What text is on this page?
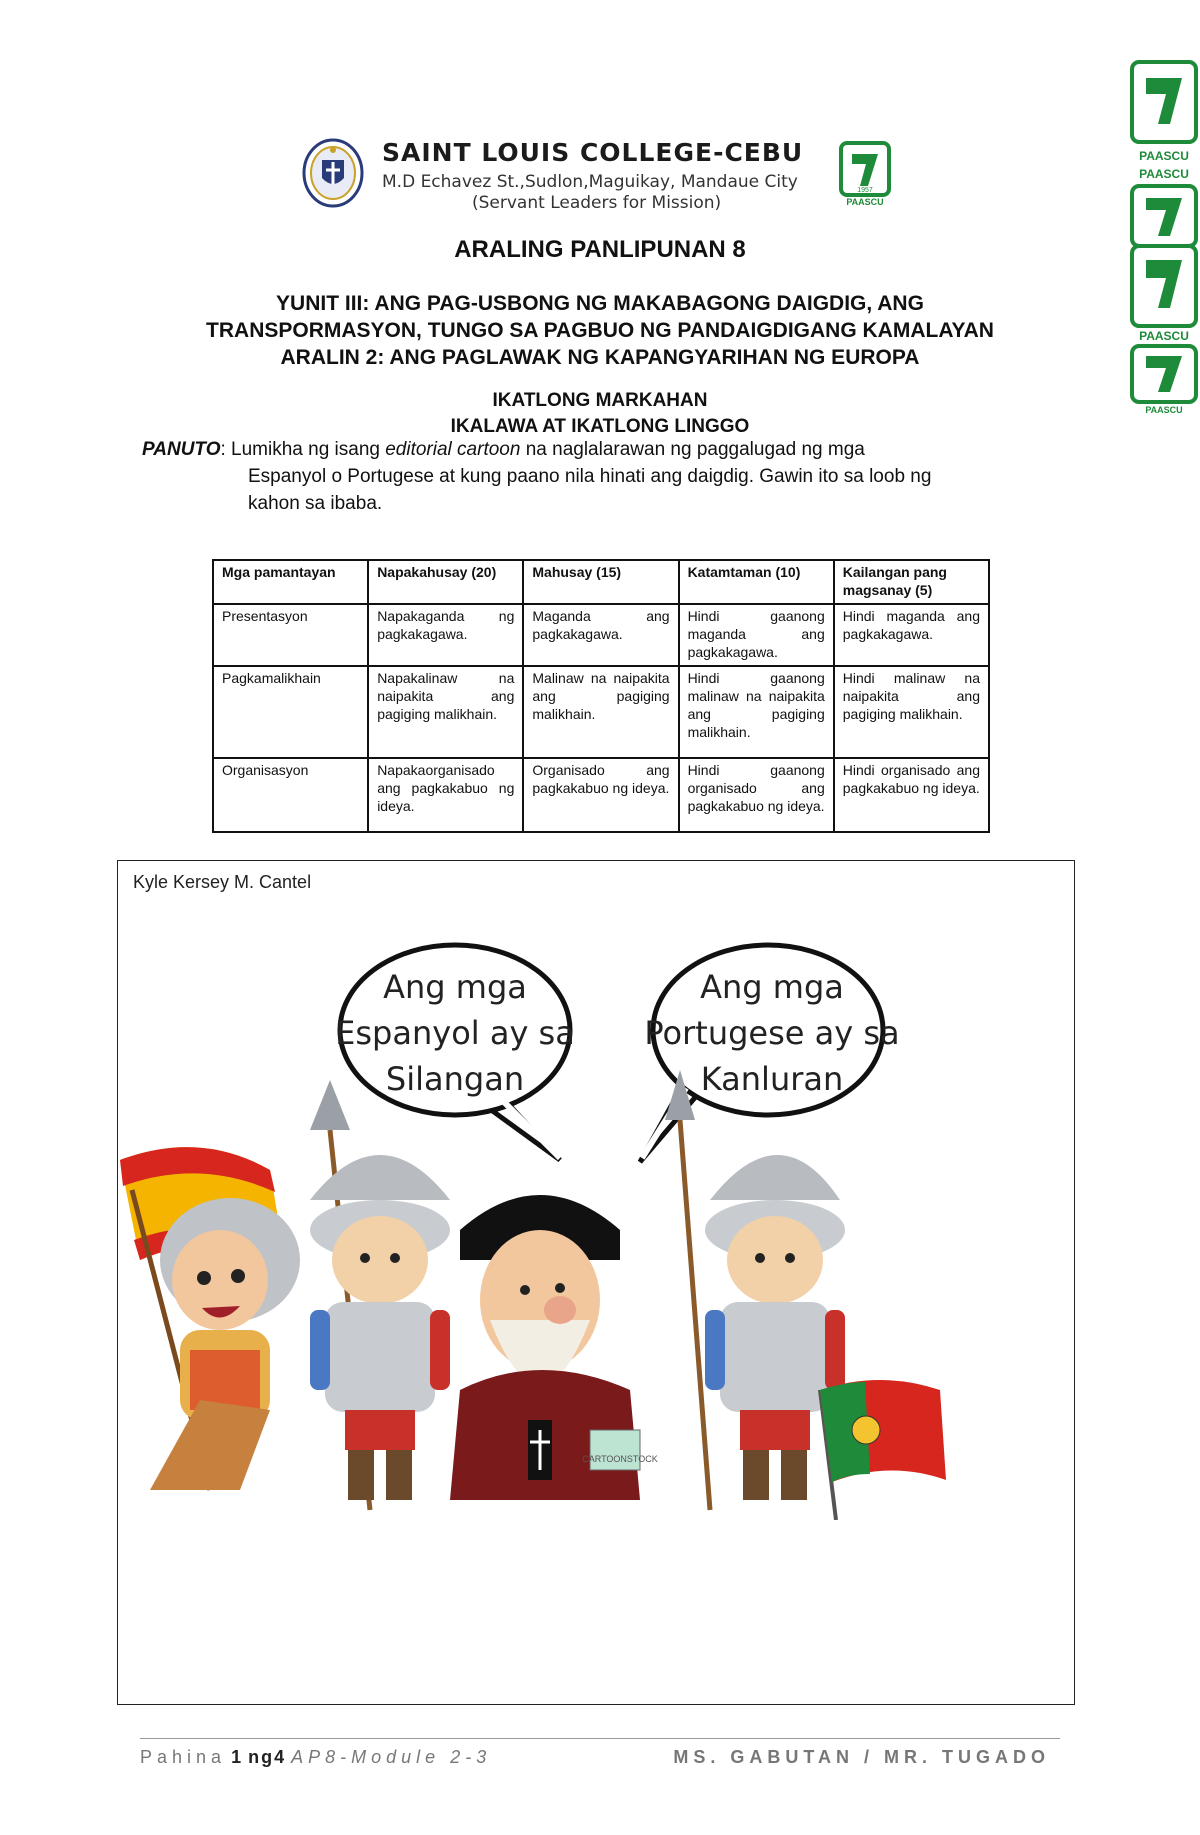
SAINT LOUIS COLLEGE-CEBU
M.D Echavez St.,Sudlon,Maguikay, Mandaue City
(Servant Leaders for Mission)
1957
PAASCU
PAASCU
PAASCU
PAASCU
PAASCU
ARALING PANLIPUNAN 8
YUNIT III: ANG PAG-USBONG NG MAKABAGONG DAIGDIG, ANG
TRANSPORMASYON, TUNGO SA PAGBUO NG PANDAIGDIGANG KAMALAYAN
ARALIN 2: ANG PAGLAWAK NG KAPANGYARIHAN NG EUROPA
IKATLONG MARKAHAN
IKALAWA AT IKATLONG LINGGO
PANUTO: Lumikha ng isang editorial cartoon na naglalarawan ng paggalugad ng mga
Espanyol o Portugese at kung paano nila hinati ang daigdig. Gawin ito sa loob ng
kahon sa ibaba.
Mga pamantayan	Napakahusay (20)	Mahusay (15)	Katamtaman (10)	Kailangan pang magsanay (5)
Presentasyon	Napakaganda ng pagkakagawa.	Maganda ang pagkakagawa.	Hindi gaanong maganda ang pagkakagawa.	Hindi maganda ang pagkakagawa.
Pagkamalikhain	Napakalinaw na naipakita ang pagiging malikhain.	Malinaw na naipakita ang pagiging malikhain.	Hindi gaanong malinaw na naipakita ang pagiging malikhain.	Hindi malinaw na naipakita ang pagiging malikhain.
Organisasyon	Napakaorganisado ang pagkakabuo ng ideya.	Organisado ang pagkakabuo ng ideya.	Hindi gaanong organisado ang pagkakabuo ng ideya.	Hindi organisado ang pagkakabuo ng ideya.
Kyle Kersey M. Cantel
Ang mga
Espanyol ay sa
Silangan
Ang mga
Portugese ay sa
Kanluran
CARTOONSTOCK
Pahina 1 ng4 AP8-Module 2-3	MS. GABUTAN / MR. TUGADO
